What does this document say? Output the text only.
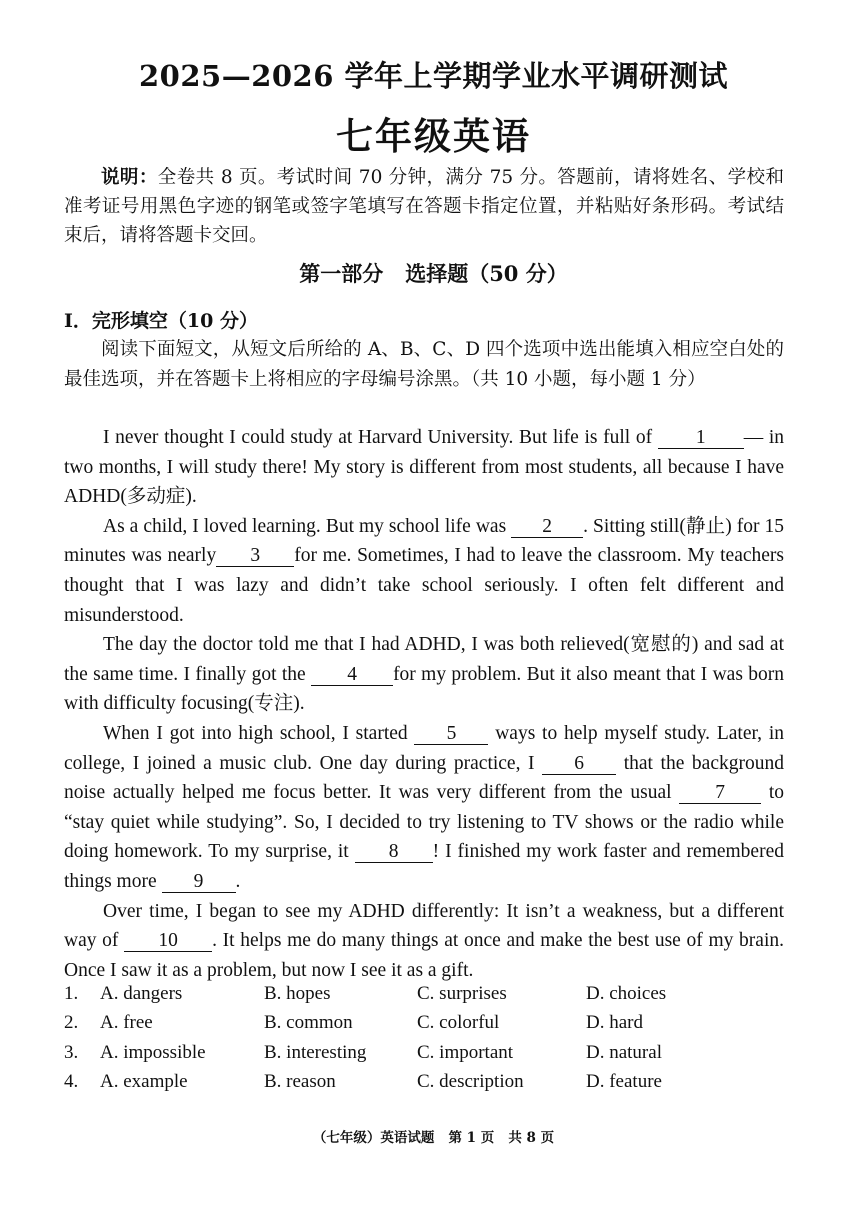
2025—2026 学年上学期学业水平调研测试
七年级英语
说明：全卷共 8 页。考试时间 70 分钟，满分 75 分。答题前，请将姓名、学校和准考证号用黑色字迹的钢笔或签字笔填写在答题卡指定位置，并粘贴好条形码。考试结束后，请将答题卡交回。
第一部分   选择题（50 分）
I．完形填空（10 分）
阅读下面短文，从短文后所给的 A、B、C、D 四个选项中选出能填入相应空白处的最佳选项，并在答题卡上将相应的字母编号涂黑。（共 10 小题，每小题 1 分）

I never thought I could study at Harvard University. But life is full of 1 — in two months, I will study there! My story is different from most students, all because I have ADHD(多动症).

As a child, I loved learning. But my school life was 2 . Sitting still(静止) for 15 minutes was nearly 3 for me. Sometimes, I had to leave the classroom. My teachers thought that I was lazy and didn’t take school seriously. I often felt different and misunderstood.

The day the doctor told me that I had ADHD, I was both relieved(宽慰的) and sad at the same time. I finally got the 4 for my problem. But it also meant that I was born with difficulty focusing(专注).

When I got into high school, I started 5 ways to help myself study. Later, in college, I joined a music club. One day during practice, I 6 that the background noise actually helped me focus better. It was very different from the usual 7 to “stay quiet while studying”. So, I decided to try listening to TV shows or the radio while doing homework. To my surprise, it 8 ! I finished my work faster and remembered things more 9 .

Over time, I began to see my ADHD differently: It isn’t a weakness, but a different way of 10 . It helps me do many things at once and make the best use of my brain. Once I saw it as a problem, but now I see it as a gift.

1. A. dangers	B. hopes	C. surprises	D. choices
2. A. free	B. common	C. colorful	D. hard
3. A. impossible	B. interesting	C. important	D. natural
4. A. example	B. reason	C. description	D. feature
（七年级）英语试题   第 1 页   共 8 页
